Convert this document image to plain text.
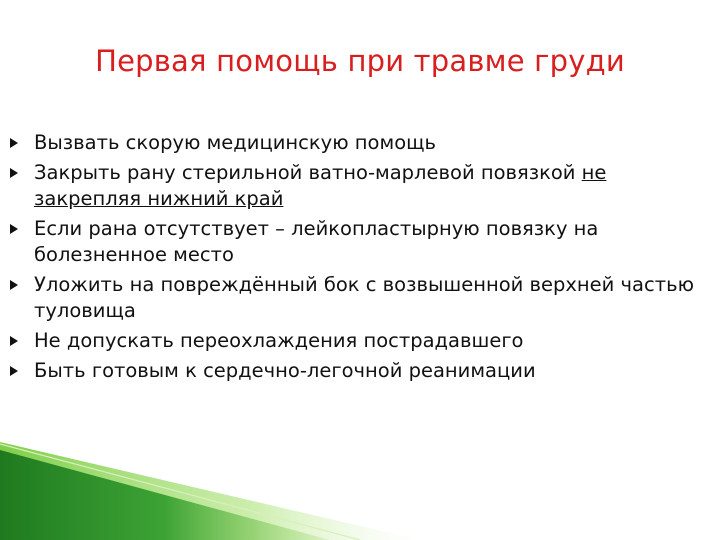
Первая помощь при травме груди
Вызвать скорую медицинскую помощь
Закрыть рану стерильной ватно-марлевой повязкой не закрепляя нижний край
Если рана отсутствует – лейкопластырную повязку на болезненное место
Уложить на повреждённый бок с возвышенной верхней частью туловища
Не допускать переохлаждения пострадавшего
Быть готовым к сердечно-легочной реанимации
